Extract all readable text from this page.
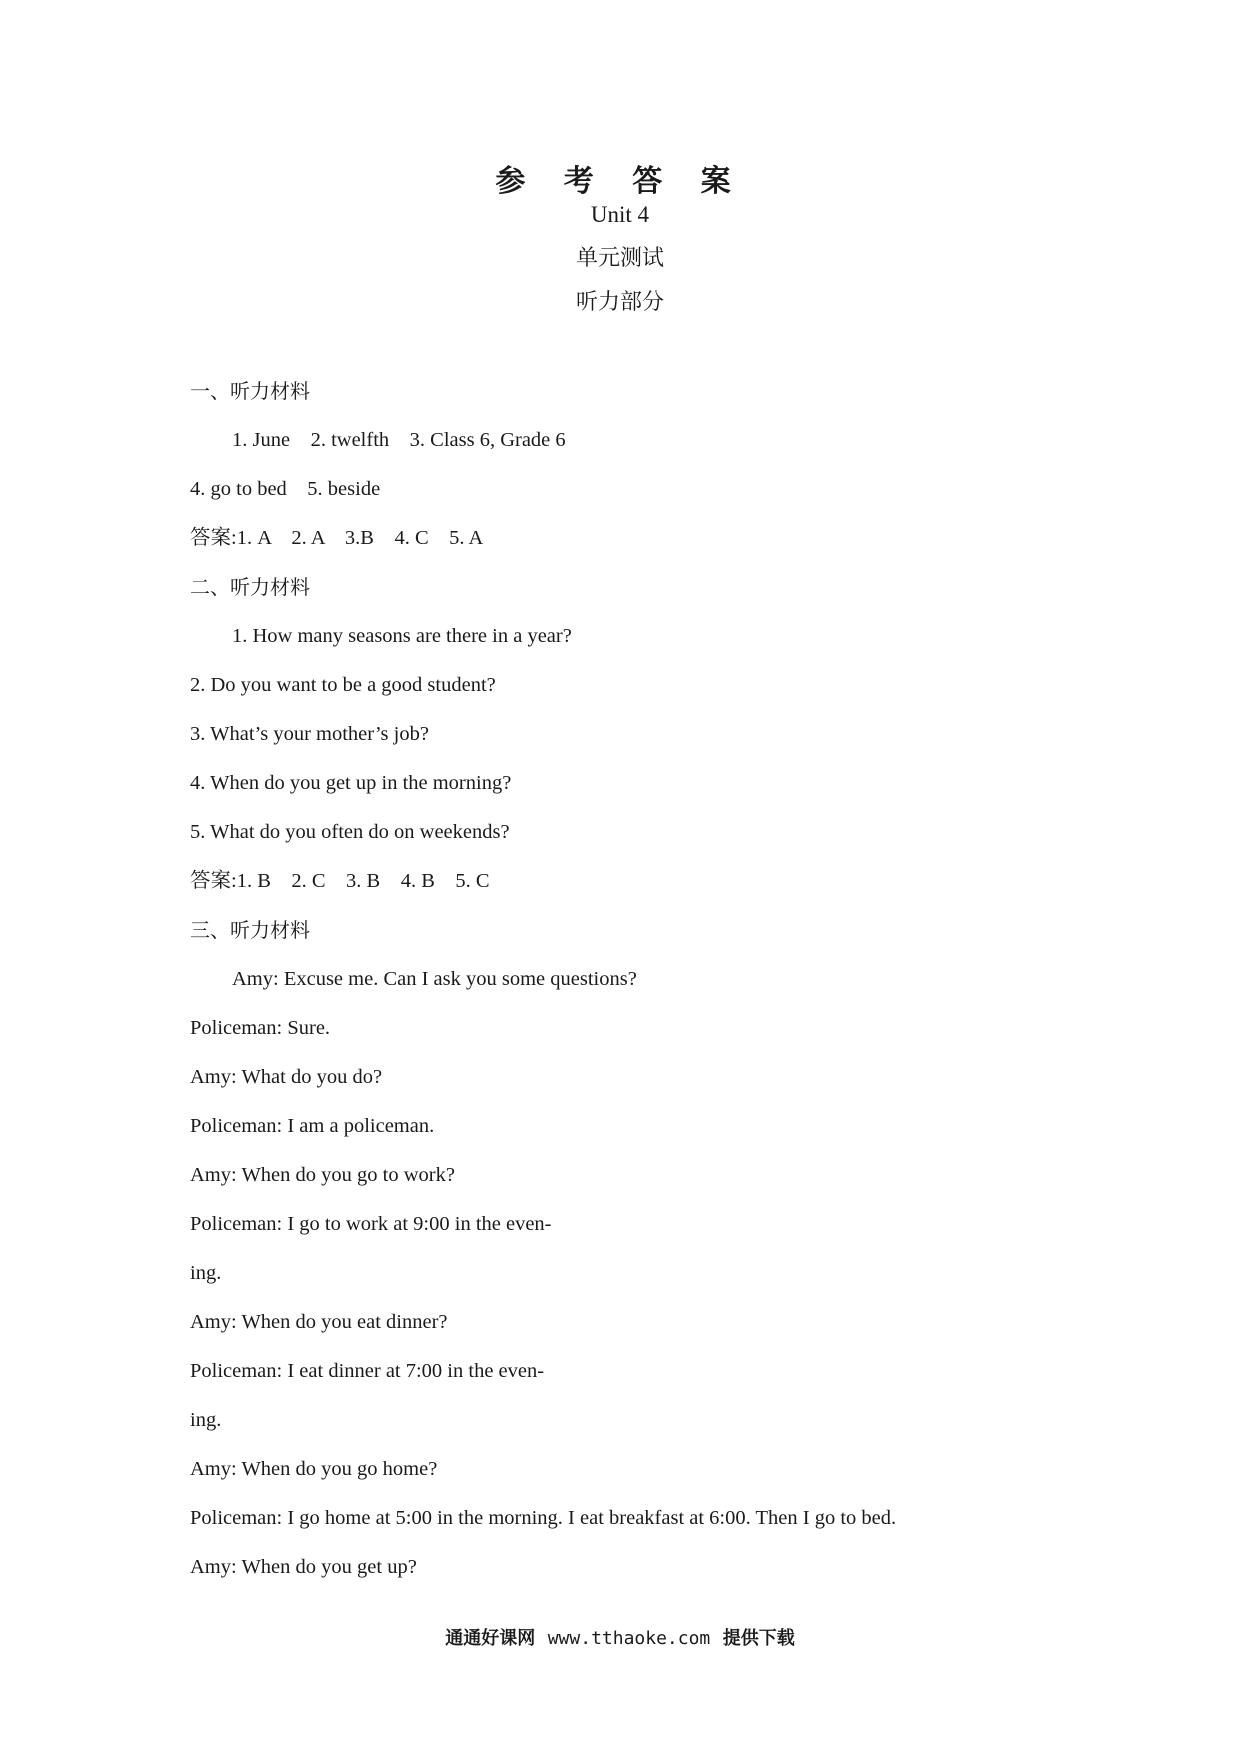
参 考 答 案
Unit 4
单元测试
听力部分
一、听力材料
1. June    2. twelfth    3. Class 6, Grade 6
4. go to bed    5. beside
答案:1. A    2. A    3.B    4. C    5. A
二、听力材料
1. How many seasons are there in a year?
2. Do you want to be a good student?
3. What’s your mother’s job?
4. When do you get up in the morning?
5. What do you often do on weekends?
答案:1. B    2. C    3. B    4. B    5. C
三、听力材料
Amy: Excuse me. Can I ask you some questions?
Policeman: Sure.
Amy: What do you do?
Policeman: I am a policeman.
Amy: When do you go to work?
Policeman: I go to work at 9:00 in the even-
ing.
Amy: When do you eat dinner?
Policeman: I eat dinner at 7:00 in the even-
ing.
Amy: When do you go home?
Policeman: I go home at 5:00 in the morning. I eat breakfast at 6:00. Then I go to bed.
Amy: When do you get up?
通通好课网 www.tthaoke.com 提供下载
